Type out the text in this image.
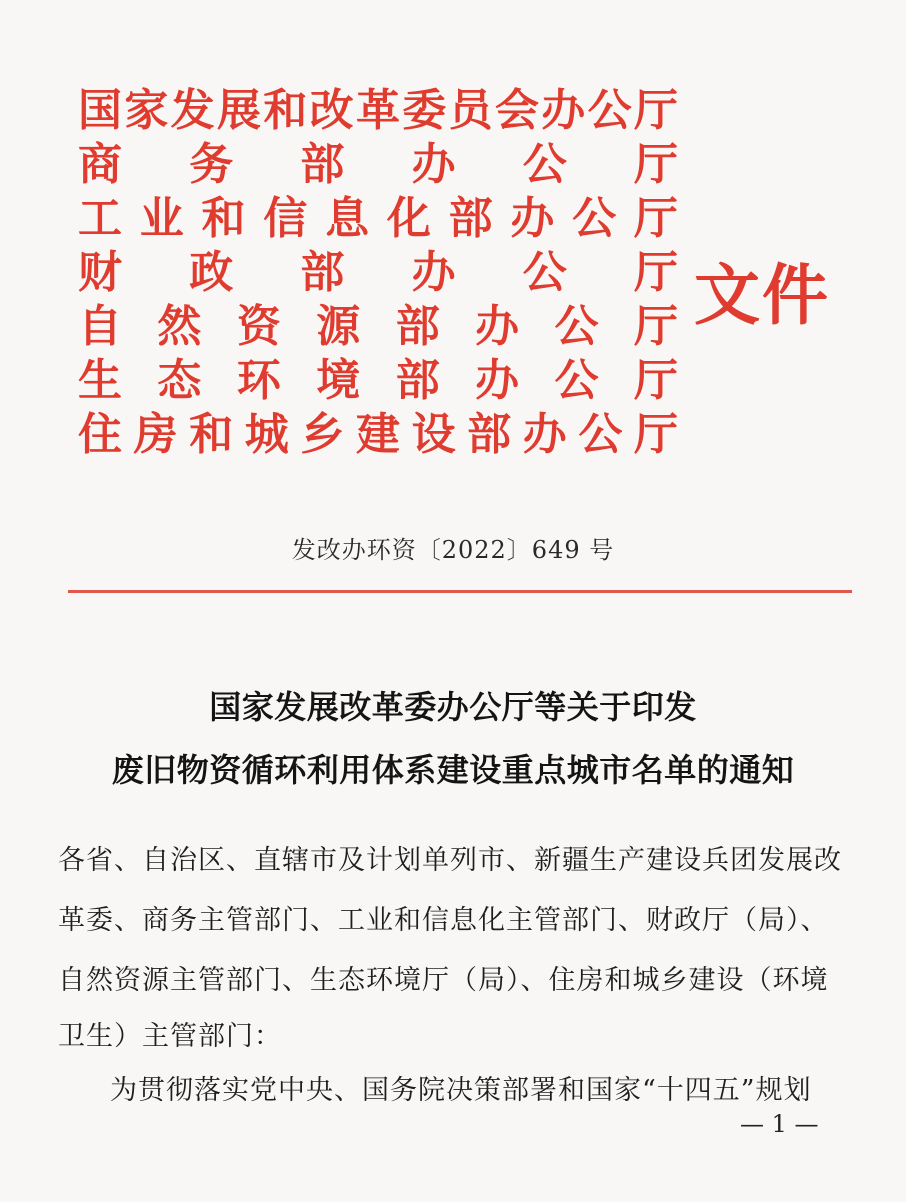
国 家 发 展 和 改 革 委 员 会 办 公 厅
商 务 部 办 公 厅
工 业 和 信 息 化 部 办 公 厅
财 政 部 办 公 厅
自 然 资 源 部 办 公 厅
生 态 环 境 部 办 公 厅
住 房 和 城 乡 建 设 部 办 公 厅
文件
发改办环资〔2022〕649 号
国家发展改革委办公厅等关于印发
废旧物资循环利用体系建设重点城市名单的通知
各省、自治区、直辖市及计划单列市、新疆生产建设兵团发展改
革委、商务主管部门、工业和信息化主管部门、财政厅（局）、
自然资源主管部门、生态环境厅（局）、住房和城乡建设（环境
卫生）主管部门：
为贯彻落实党中央、国务院决策部署和国家“十四五”规划
— 1 —
